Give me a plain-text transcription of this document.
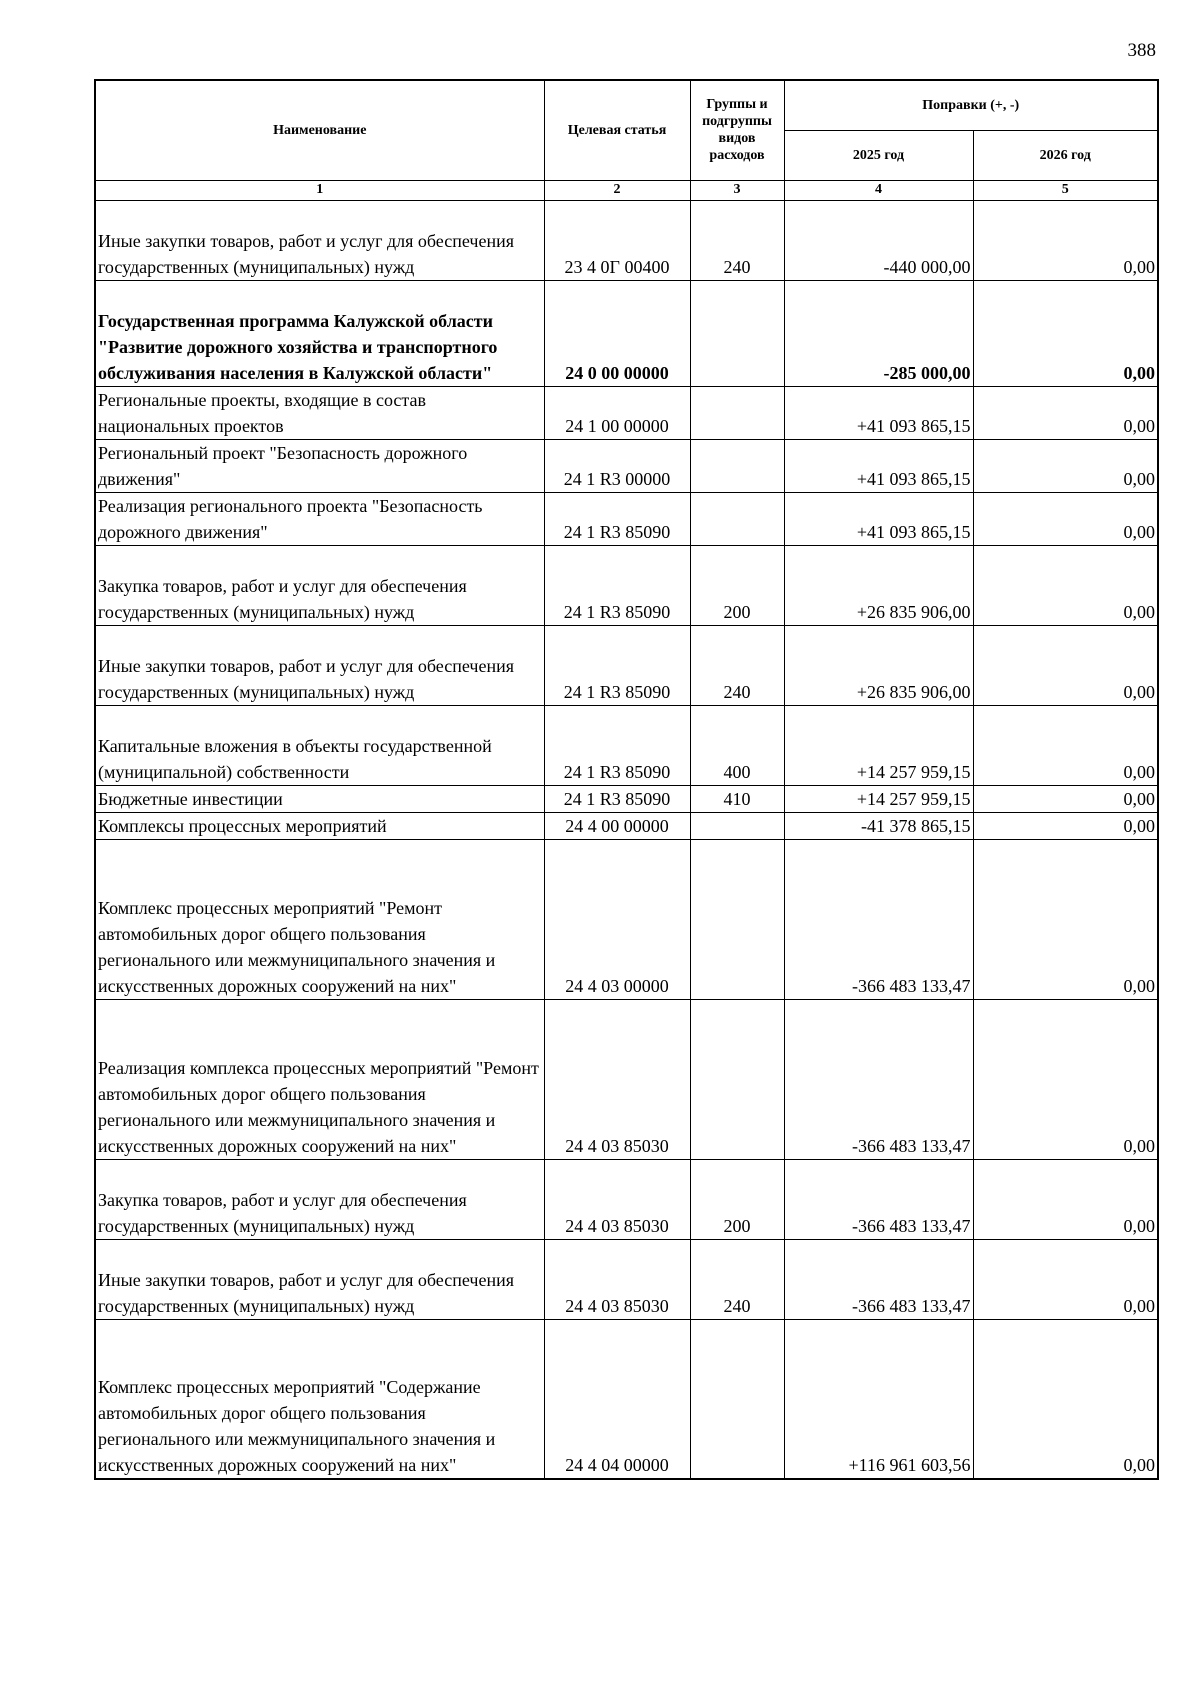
388
Наименование	Целевая статья	Группы и подгруппы видов расходов	Поправки (+, -)	
			2025 год	2026 год
1	2	3	4	5
Иные закупки товаров, работ и услуг для обеспечения государственных (муниципальных) нужд	23 4 0Г 00400	240	-440 000,00	0,00
Государственная программа Калужской области "Развитие дорожного хозяйства и транспортного обслуживания населения в Калужской области"	24 0 00 00000		-285 000,00	0,00
Региональные проекты, входящие в состав национальных проектов	24 1 00 00000		+41 093 865,15	0,00
Региональный проект "Безопасность дорожного движения"	24 1 R3 00000		+41 093 865,15	0,00
Реализация регионального проекта "Безопасность дорожного движения"	24 1 R3 85090		+41 093 865,15	0,00
Закупка товаров, работ и услуг для обеспечения государственных (муниципальных) нужд	24 1 R3 85090	200	+26 835 906,00	0,00
Иные закупки товаров, работ и услуг для обеспечения государственных (муниципальных) нужд	24 1 R3 85090	240	+26 835 906,00	0,00
Капитальные вложения в объекты государственной (муниципальной) собственности	24 1 R3 85090	400	+14 257 959,15	0,00
Бюджетные инвестиции	24 1 R3 85090	410	+14 257 959,15	0,00
Комплексы процессных мероприятий	24 4 00 00000		-41 378 865,15	0,00
Комплекс процессных мероприятий "Ремонт автомобильных дорог общего пользования регионального или межмуниципального значения и искусственных дорожных сооружений на них"	24 4 03 00000		-366 483 133,47	0,00
Реализация комплекса процессных мероприятий "Ремонт автомобильных дорог общего пользования регионального или межмуниципального значения и искусственных дорожных сооружений на них"	24 4 03 85030		-366 483 133,47	0,00
Закупка товаров, работ и услуг для обеспечения государственных (муниципальных) нужд	24 4 03 85030	200	-366 483 133,47	0,00
Иные закупки товаров, работ и услуг для обеспечения государственных (муниципальных) нужд	24 4 03 85030	240	-366 483 133,47	0,00
Комплекс процессных мероприятий "Содержание автомобильных дорог общего пользования регионального или межмуниципального значения и искусственных дорожных сооружений на них"	24 4 04 00000		+116 961 603,56	0,00
